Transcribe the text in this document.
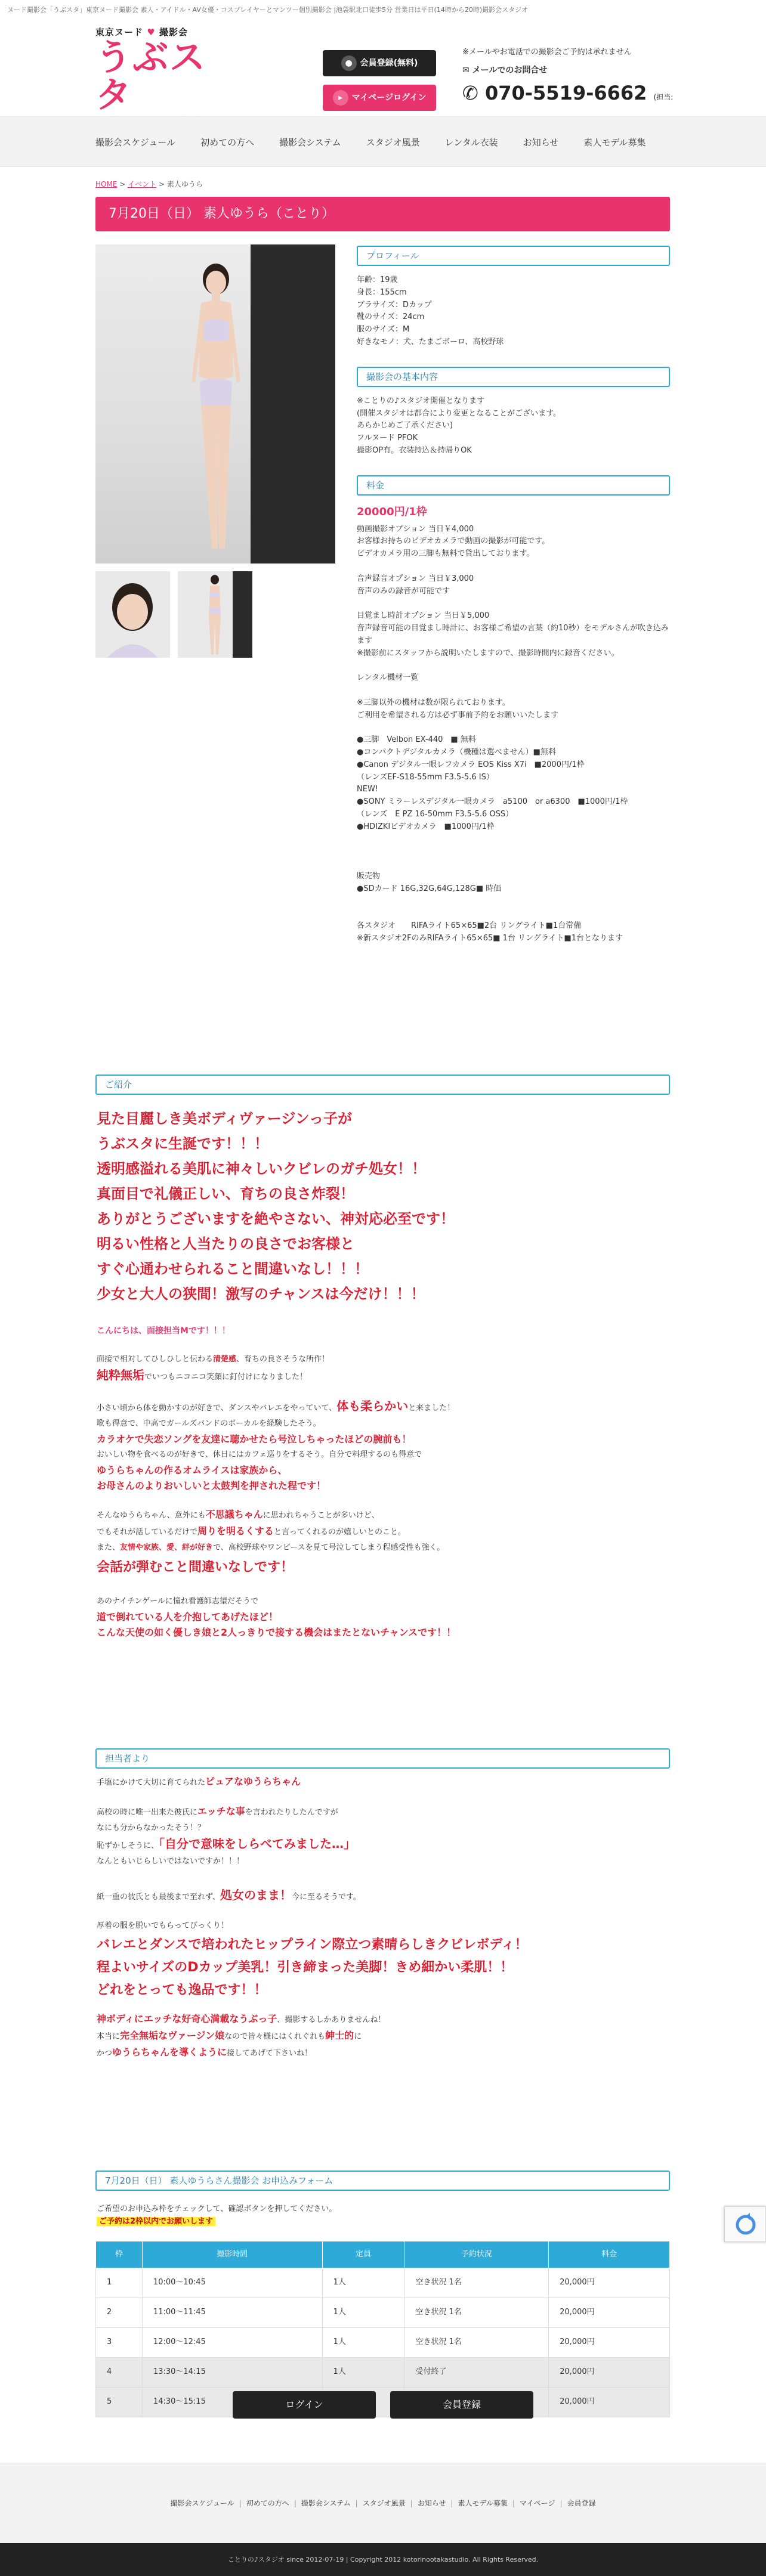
ヌード撮影会「うぶスタ」東京ヌード撮影会 素人・アイドル・AV女優・コスプレイヤーとマンツー個別撮影会 |池袋駅北口徒歩5分 営業日は平日(14時から20時)撮影会スタジオ
東京ヌード ♥ 撮影会
うぶスタ
● 会員登録(無料)
▸ マイページログイン
※メールやお電話での撮影会ご予約は承れません
✉ メールでのお問合せ
✆ 070-5519-6662 (担当:
撮影会スケジュール	初めての方へ	撮影会システム	スタジオ風景	レンタル衣装	お知らせ	素人モデル募集
HOME > イベント > 素人ゆうら
7月20日（日） 素人ゆうら（ことり）
プロフィール

年齢：19歳
身長：155cm
ブラサイズ：Dカップ
靴のサイズ：24cm
服のサイズ：M
好きなモノ：犬、たまごボーロ、高校野球

撮影会の基本内容

※ことりの♪スタジオ開催となります
(開催スタジオは都合により変更となることがございます。
あらかじめご了承ください)
フルヌード PFOK
撮影OP有。衣装持込＆持帰りOK

料金
20000円/1枠

動画撮影オプション 当日￥4,000
お客様お持ちのビデオカメラで動画の撮影が可能です。
ビデオカメラ用の三脚も無料で貸出しております。

音声録音オプション 当日￥3,000
音声のみの録音が可能です

目覚まし時計オプション 当日￥5,000
音声録音可能の目覚まし時計に、お客様ご希望の言葉（約10秒）をモデルさんが吹き込みます
※撮影前にスタッフから説明いたしますので、撮影時間内に録音ください。

レンタル機材一覧

※三脚以外の機材は数が限られております。
ご利用を希望される方は必ず事前予約をお願いいたします

●三脚　Velbon EX-440　■ 無料
●コンパクトデジタルカメラ（機種は選べません）■無料
●Canon デジタル一眼レフカメラ EOS Kiss X7i　■2000円/1枠
（レンズEF-S18-55mm F3.5-5.6 IS）
NEW!
●SONY ミラーレスデジタル一眼カメラ　a5100　or a6300　■1000円/1枠
（レンズ　E PZ 16-50mm F3.5-5.6 OSS）
●HDIZKIビデオカメラ　■1000円/1枠

販売物
●SDカード 16G,32G,64G,128G■ 時価

各スタジオ　　RIFAライト65×65■2台 リングライト■1台常備
※新スタジオ2FのみRIFAライト65×65■ 1台 リングライト■1台となります

ご紹介
見た目麗しき美ボディヴァージンっ子が
うぶスタに生誕です！！！
透明感溢れる美肌に神々しいクビレのガチ処女！！
真面目で礼儀正しい、育ちの良さ炸裂！
ありがとうございますを絶やさない、神対応必至です！
明るい性格と人当たりの良さでお客様と
すぐ心通わせられること間違いなし！！！
少女と大人の狭間！激写のチャンスは今だけ！！！
こんにちは、面接担当Mです！！！
面接で相対してひしひしと伝わる清楚感、育ちの良さそうな所作！
純粋無垢でいつもニコニコ笑顔に釘付けになりました！
小さい頃から体を動かすのが好きで、ダンスやバレエをやっていて、体も柔らかいと来ました！
歌も得意で、中高でガールズバンドのボーカルを経験したそう。
カラオケで失恋ソングを友達に聴かせたら号泣しちゃったほどの腕前も！
おいしい物を食べるのが好きで、休日にはカフェ巡りをするそう。自分で料理するのも得意で
ゆうらちゃんの作るオムライスは家族から、
お母さんのよりおいしいと太鼓判を押された程です！
そんなゆうらちゃん、意外にも不思議ちゃんに思われちゃうことが多いけど、
でもそれが話しているだけで周りを明るくすると言ってくれるのが嬉しいとのこと。
また、友情や家族、愛、絆が好きで、高校野球やワンピースを見て号泣してしまう程感受性も強く。
会話が弾むこと間違いなしです！
あのナイチンゲールに憧れ看護師志望だそうで
道で倒れている人を介抱してあげたほど！
こんな天使の如く優しき娘と2人っきりで接する機会はまたとないチャンスです！！
担当者より
手塩にかけて大切に育てられたピュアなゆうらちゃん
高校の時に唯一出来た彼氏にエッチな事を言われたりしたんですが
なにも分からなかったそう！？
恥ずかしそうに、「自分で意味をしらべてみました…」
なんともいじらしいではないですか！！！
紙一重の彼氏とも最後まで至れず、処女のまま！今に至るそうです。
厚着の服を脱いでもらってびっくり！
バレエとダンスで培われたヒップライン際立つ素晴らしきクビレボディ！
程よいサイズのDカップ美乳！引き締まった美脚！きめ細かい柔肌！！
どれをとっても逸品です！！
神ボディにエッチな好奇心満載なうぶっ子、撮影するしかありませんね！
本当に完全無垢なヴァージン娘なので皆々様にはくれぐれも紳士的に
かつゆうらちゃんを導くように接してあげて下さいね！
7月20日（日） 素人ゆうらさん撮影会 お申込みフォーム
ご希望のお申込み枠をチェックして、確認ボタンを押してください。
ご予約は2枠以内でお願いします
枠	撮影時間	定員	予約状況	料金
1	10:00〜10:45	1人	空き状況 1名	20,000円
2	11:00〜11:45	1人	空き状況 1名	20,000円
3	12:00〜12:45	1人	空き状況 1名	20,000円
4	13:30〜14:15	1人	受付終了	20,000円
5	14:30〜15:15			20,000円
ログイン	会員登録
撮影会スケジュール | 初めての方へ | 撮影会システム | スタジオ風景 | お知らせ | 素人モデル募集 | マイページ | 会員登録
ことりの♪スタジオ since 2012-07-19 | Copyright 2012 kotorinootakastudio. All Rights Reserved.
